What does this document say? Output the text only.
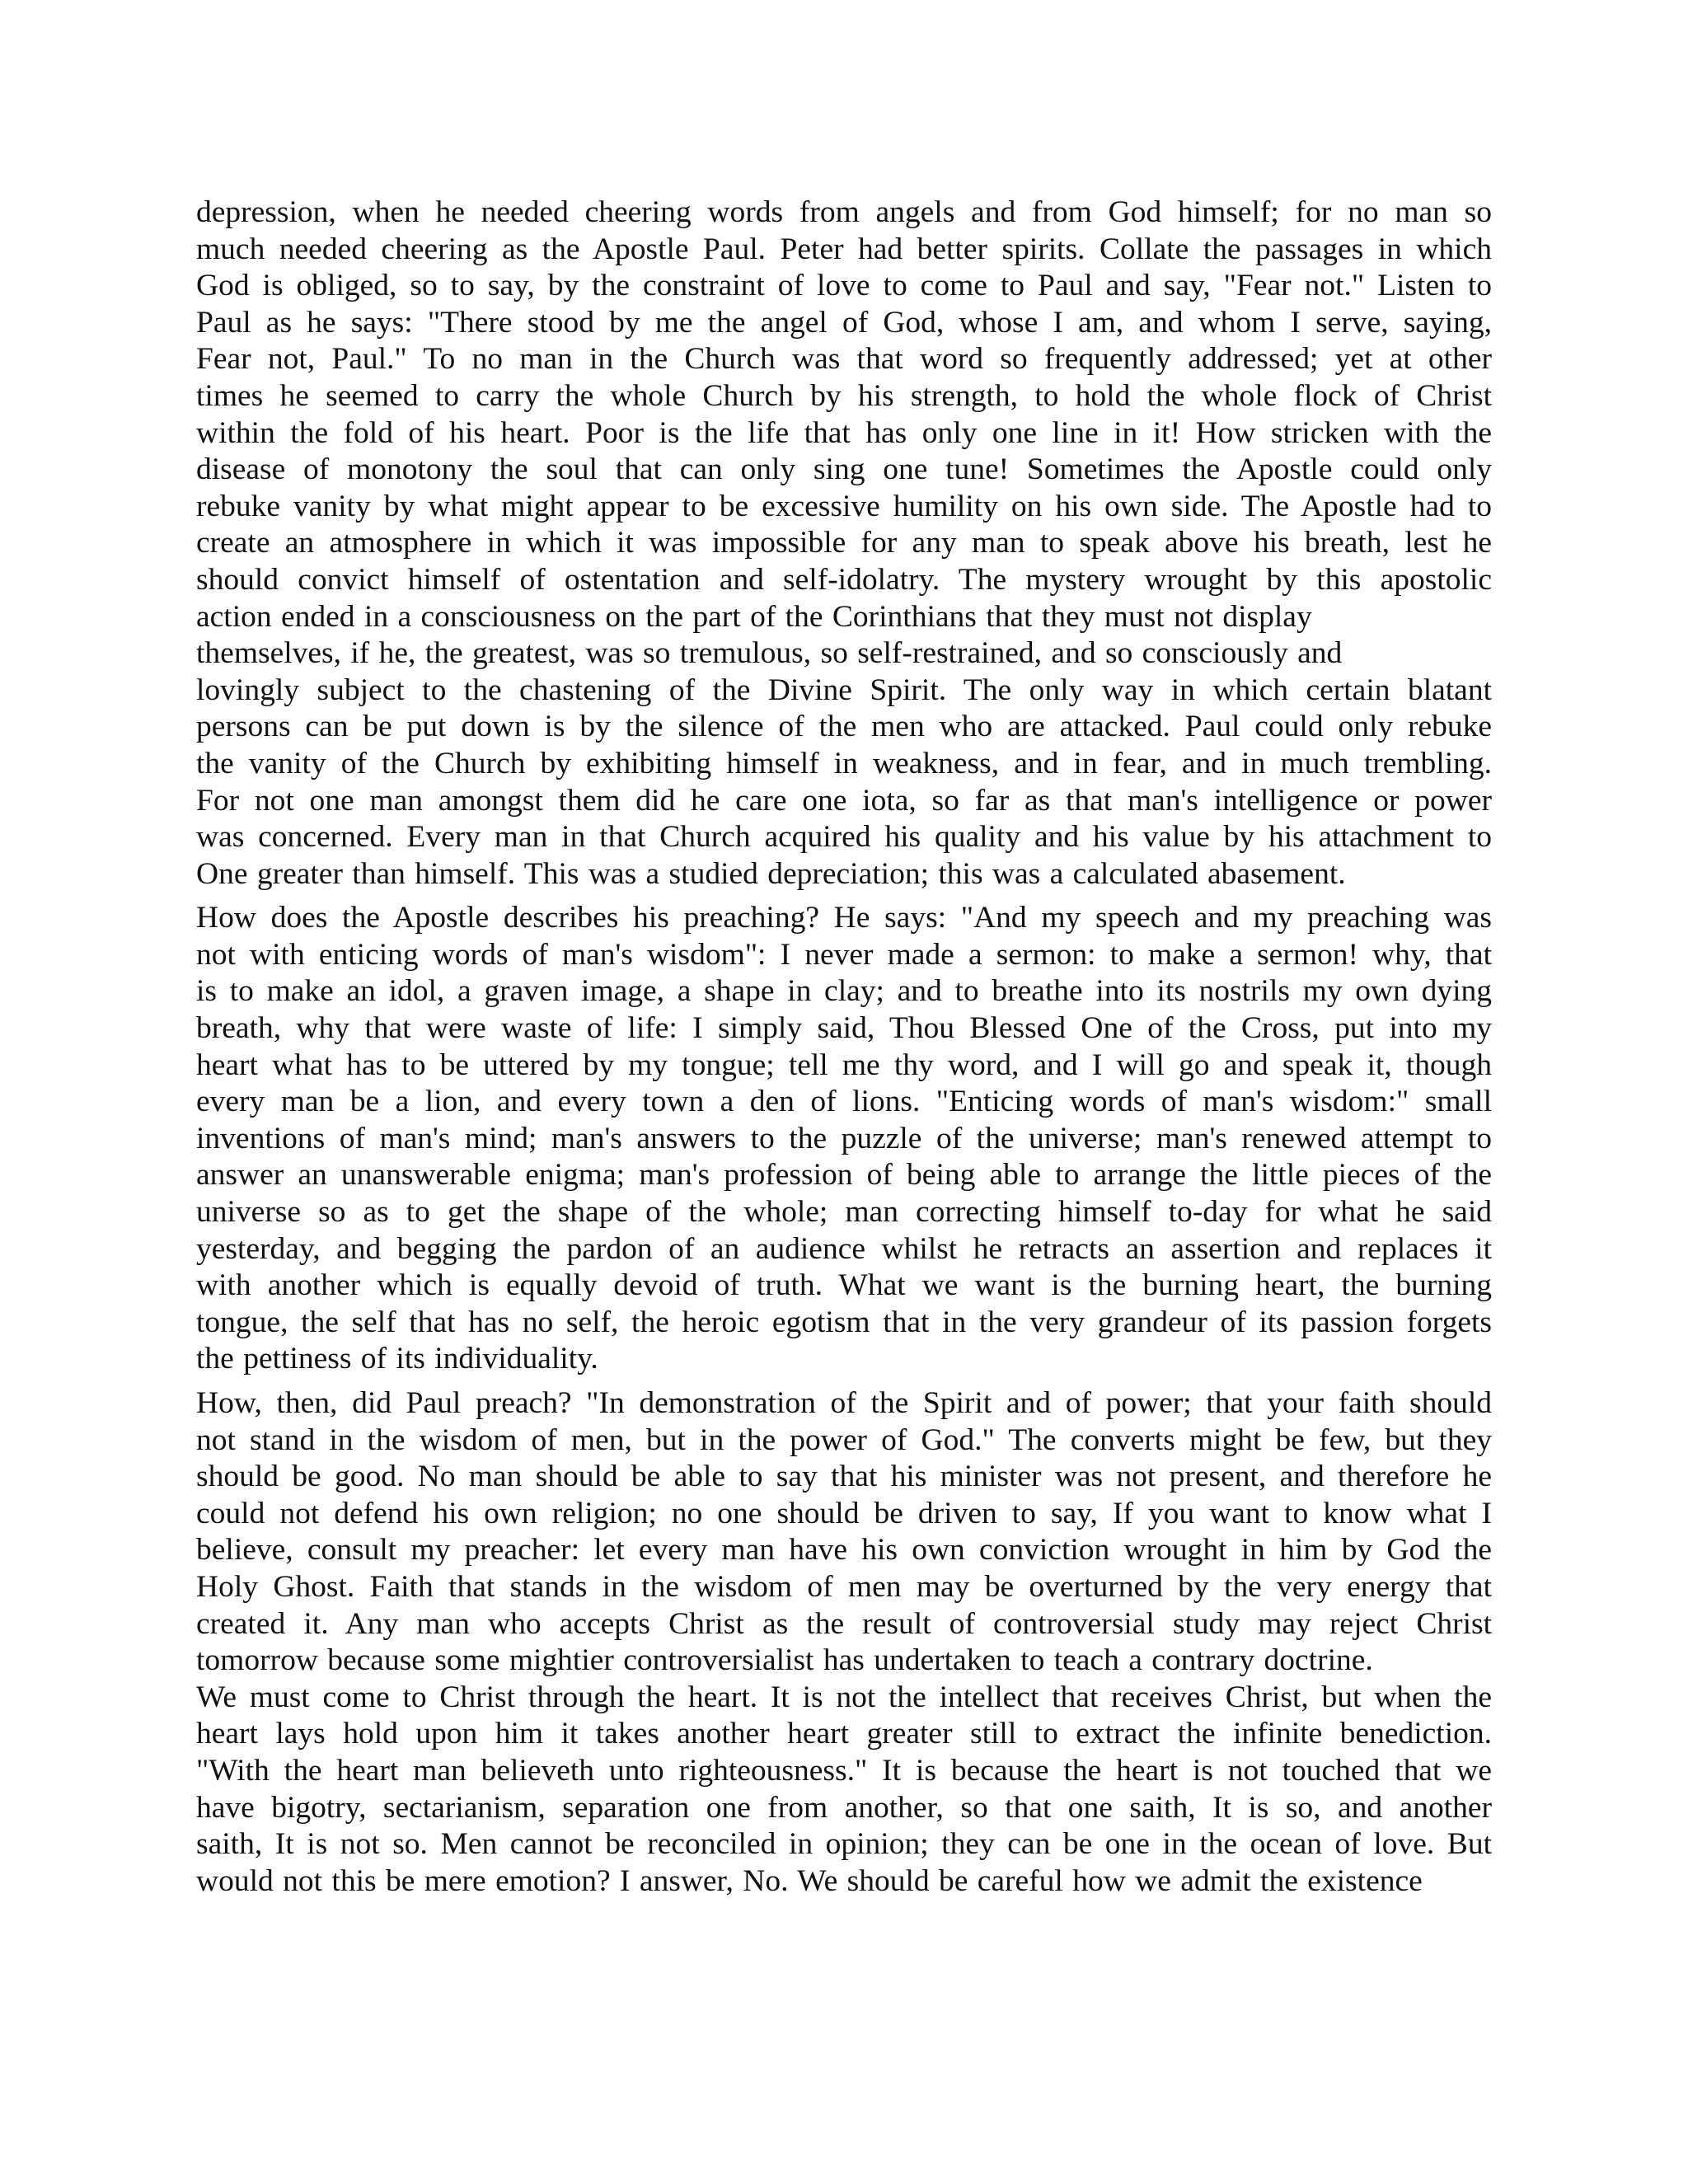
depression, when he needed cheering words from angels and from God himself; for no man so
much needed cheering as the Apostle Paul. Peter had better spirits. Collate the passages in which
God is obliged, so to say, by the constraint of love to come to Paul and say, "Fear not." Listen to
Paul as he says: "There stood by me the angel of God, whose I am, and whom I serve, saying,
Fear not, Paul." To no man in the Church was that word so frequently addressed; yet at other
times he seemed to carry the whole Church by his strength, to hold the whole flock of Christ
within the fold of his heart. Poor is the life that has only one line in it! How stricken with the
disease of monotony the soul that can only sing one tune! Sometimes the Apostle could only
rebuke vanity by what might appear to be excessive humility on his own side. The Apostle had to
create an atmosphere in which it was impossible for any man to speak above his breath, lest he
should convict himself of ostentation and self-idolatry. The mystery wrought by this apostolic
action ended in a consciousness on the part of the Corinthians that they must not display
themselves, if he, the greatest, was so tremulous, so self-restrained, and so consciously and
lovingly subject to the chastening of the Divine Spirit. The only way in which certain blatant
persons can be put down is by the silence of the men who are attacked. Paul could only rebuke
the vanity of the Church by exhibiting himself in weakness, and in fear, and in much trembling.
For not one man amongst them did he care one iota, so far as that man's intelligence or power
was concerned. Every man in that Church acquired his quality and his value by his attachment to
One greater than himself. This was a studied depreciation; this was a calculated abasement.
How does the Apostle describes his preaching? He says: "And my speech and my preaching was
not with enticing words of man's wisdom": I never made a sermon: to make a sermon! why, that
is to make an idol, a graven image, a shape in clay; and to breathe into its nostrils my own dying
breath, why that were waste of life: I simply said, Thou Blessed One of the Cross, put into my
heart what has to be uttered by my tongue; tell me thy word, and I will go and speak it, though
every man be a lion, and every town a den of lions. "Enticing words of man's wisdom:" small
inventions of man's mind; man's answers to the puzzle of the universe; man's renewed attempt to
answer an unanswerable enigma; man's profession of being able to arrange the little pieces of the
universe so as to get the shape of the whole; man correcting himself to-day for what he said
yesterday, and begging the pardon of an audience whilst he retracts an assertion and replaces it
with another which is equally devoid of truth. What we want is the burning heart, the burning
tongue, the self that has no self, the heroic egotism that in the very grandeur of its passion forgets
the pettiness of its individuality.
How, then, did Paul preach? "In demonstration of the Spirit and of power; that your faith should
not stand in the wisdom of men, but in the power of God." The converts might be few, but they
should be good. No man should be able to say that his minister was not present, and therefore he
could not defend his own religion; no one should be driven to say, If you want to know what I
believe, consult my preacher: let every man have his own conviction wrought in him by God the
Holy Ghost. Faith that stands in the wisdom of men may be overturned by the very energy that
created it. Any man who accepts Christ as the result of controversial study may reject Christ
tomorrow because some mightier controversialist has undertaken to teach a contrary doctrine.
We must come to Christ through the heart. It is not the intellect that receives Christ, but when the
heart lays hold upon him it takes another heart greater still to extract the infinite benediction.
"With the heart man believeth unto righteousness." It is because the heart is not touched that we
have bigotry, sectarianism, separation one from another, so that one saith, It is so, and another
saith, It is not so. Men cannot be reconciled in opinion; they can be one in the ocean of love. But
would not this be mere emotion? I answer, No. We should be careful how we admit the existence
